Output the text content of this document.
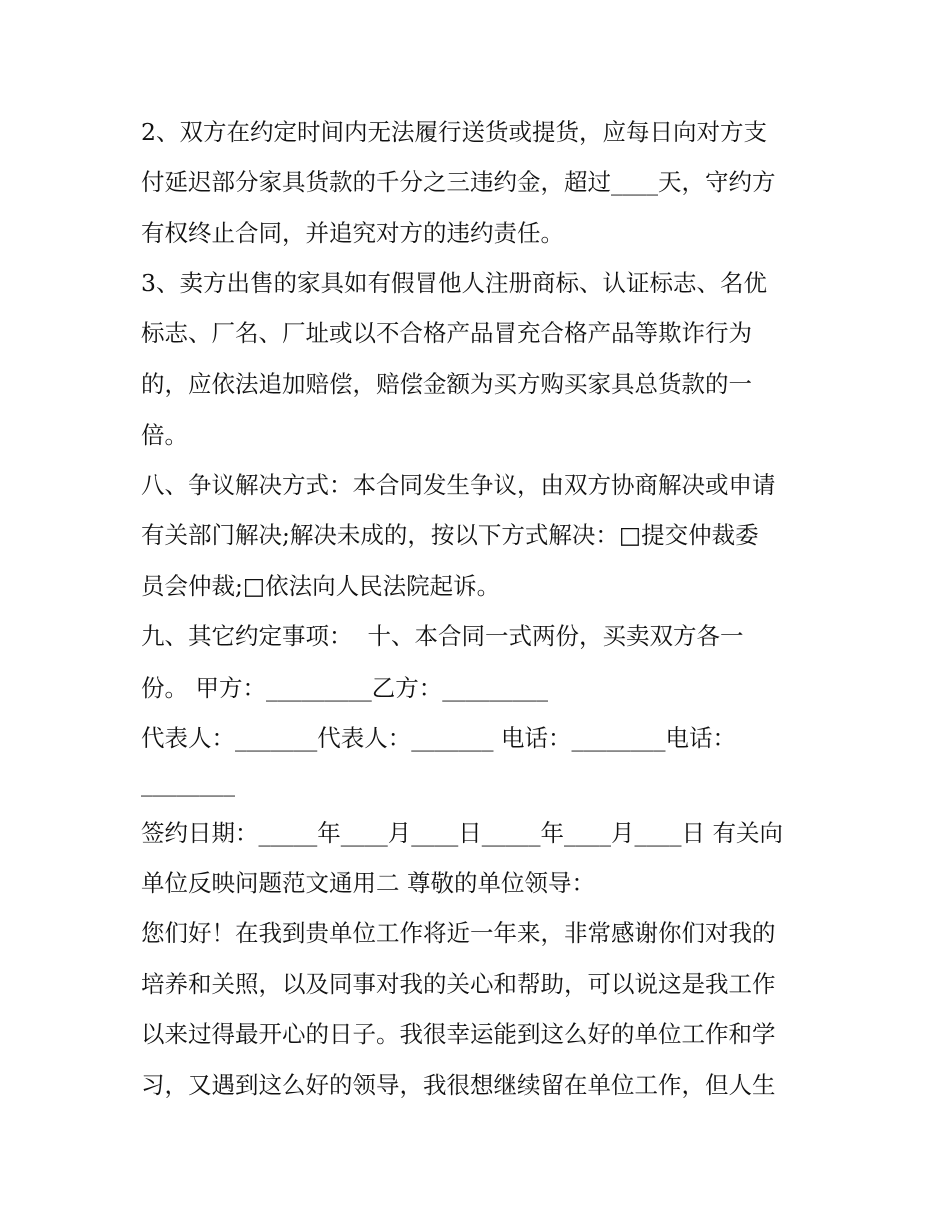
2、双方在约定时间内无法履行送货或提货，应每日向对方支
付延迟部分家具货款的千分之三违约金，超过____天，守约方
有权终止合同，并追究对方的违约责任。
3、卖方出售的家具如有假冒他人注册商标、认证标志、名优
标志、厂名、厂址或以不合格产品冒充合格产品等欺诈行为
的，应依法追加赔偿，赔偿金额为买方购买家具总货款的一
倍。
八、争议解决方式：本合同发生争议，由双方协商解决或申请
有关部门解决;解决未成的，按以下方式解决：□提交仲裁委
员会仲裁;□依法向人民法院起诉。
九、其它约定事项：  十、本合同一式两份，买卖双方各一
份。 甲方：_________乙方：_________
代表人：_______代表人：_______ 电话：________电话：
________
签约日期：_____年____月____日_____年____月____日 有关向
单位反映问题范文通用二 尊敬的单位领导：
您们好！在我到贵单位工作将近一年来，非常感谢你们对我的
培养和关照，以及同事对我的关心和帮助，可以说这是我工作
以来过得最开心的日子。我很幸运能到这么好的单位工作和学
习，又遇到这么好的领导，我很想继续留在单位工作，但人生
